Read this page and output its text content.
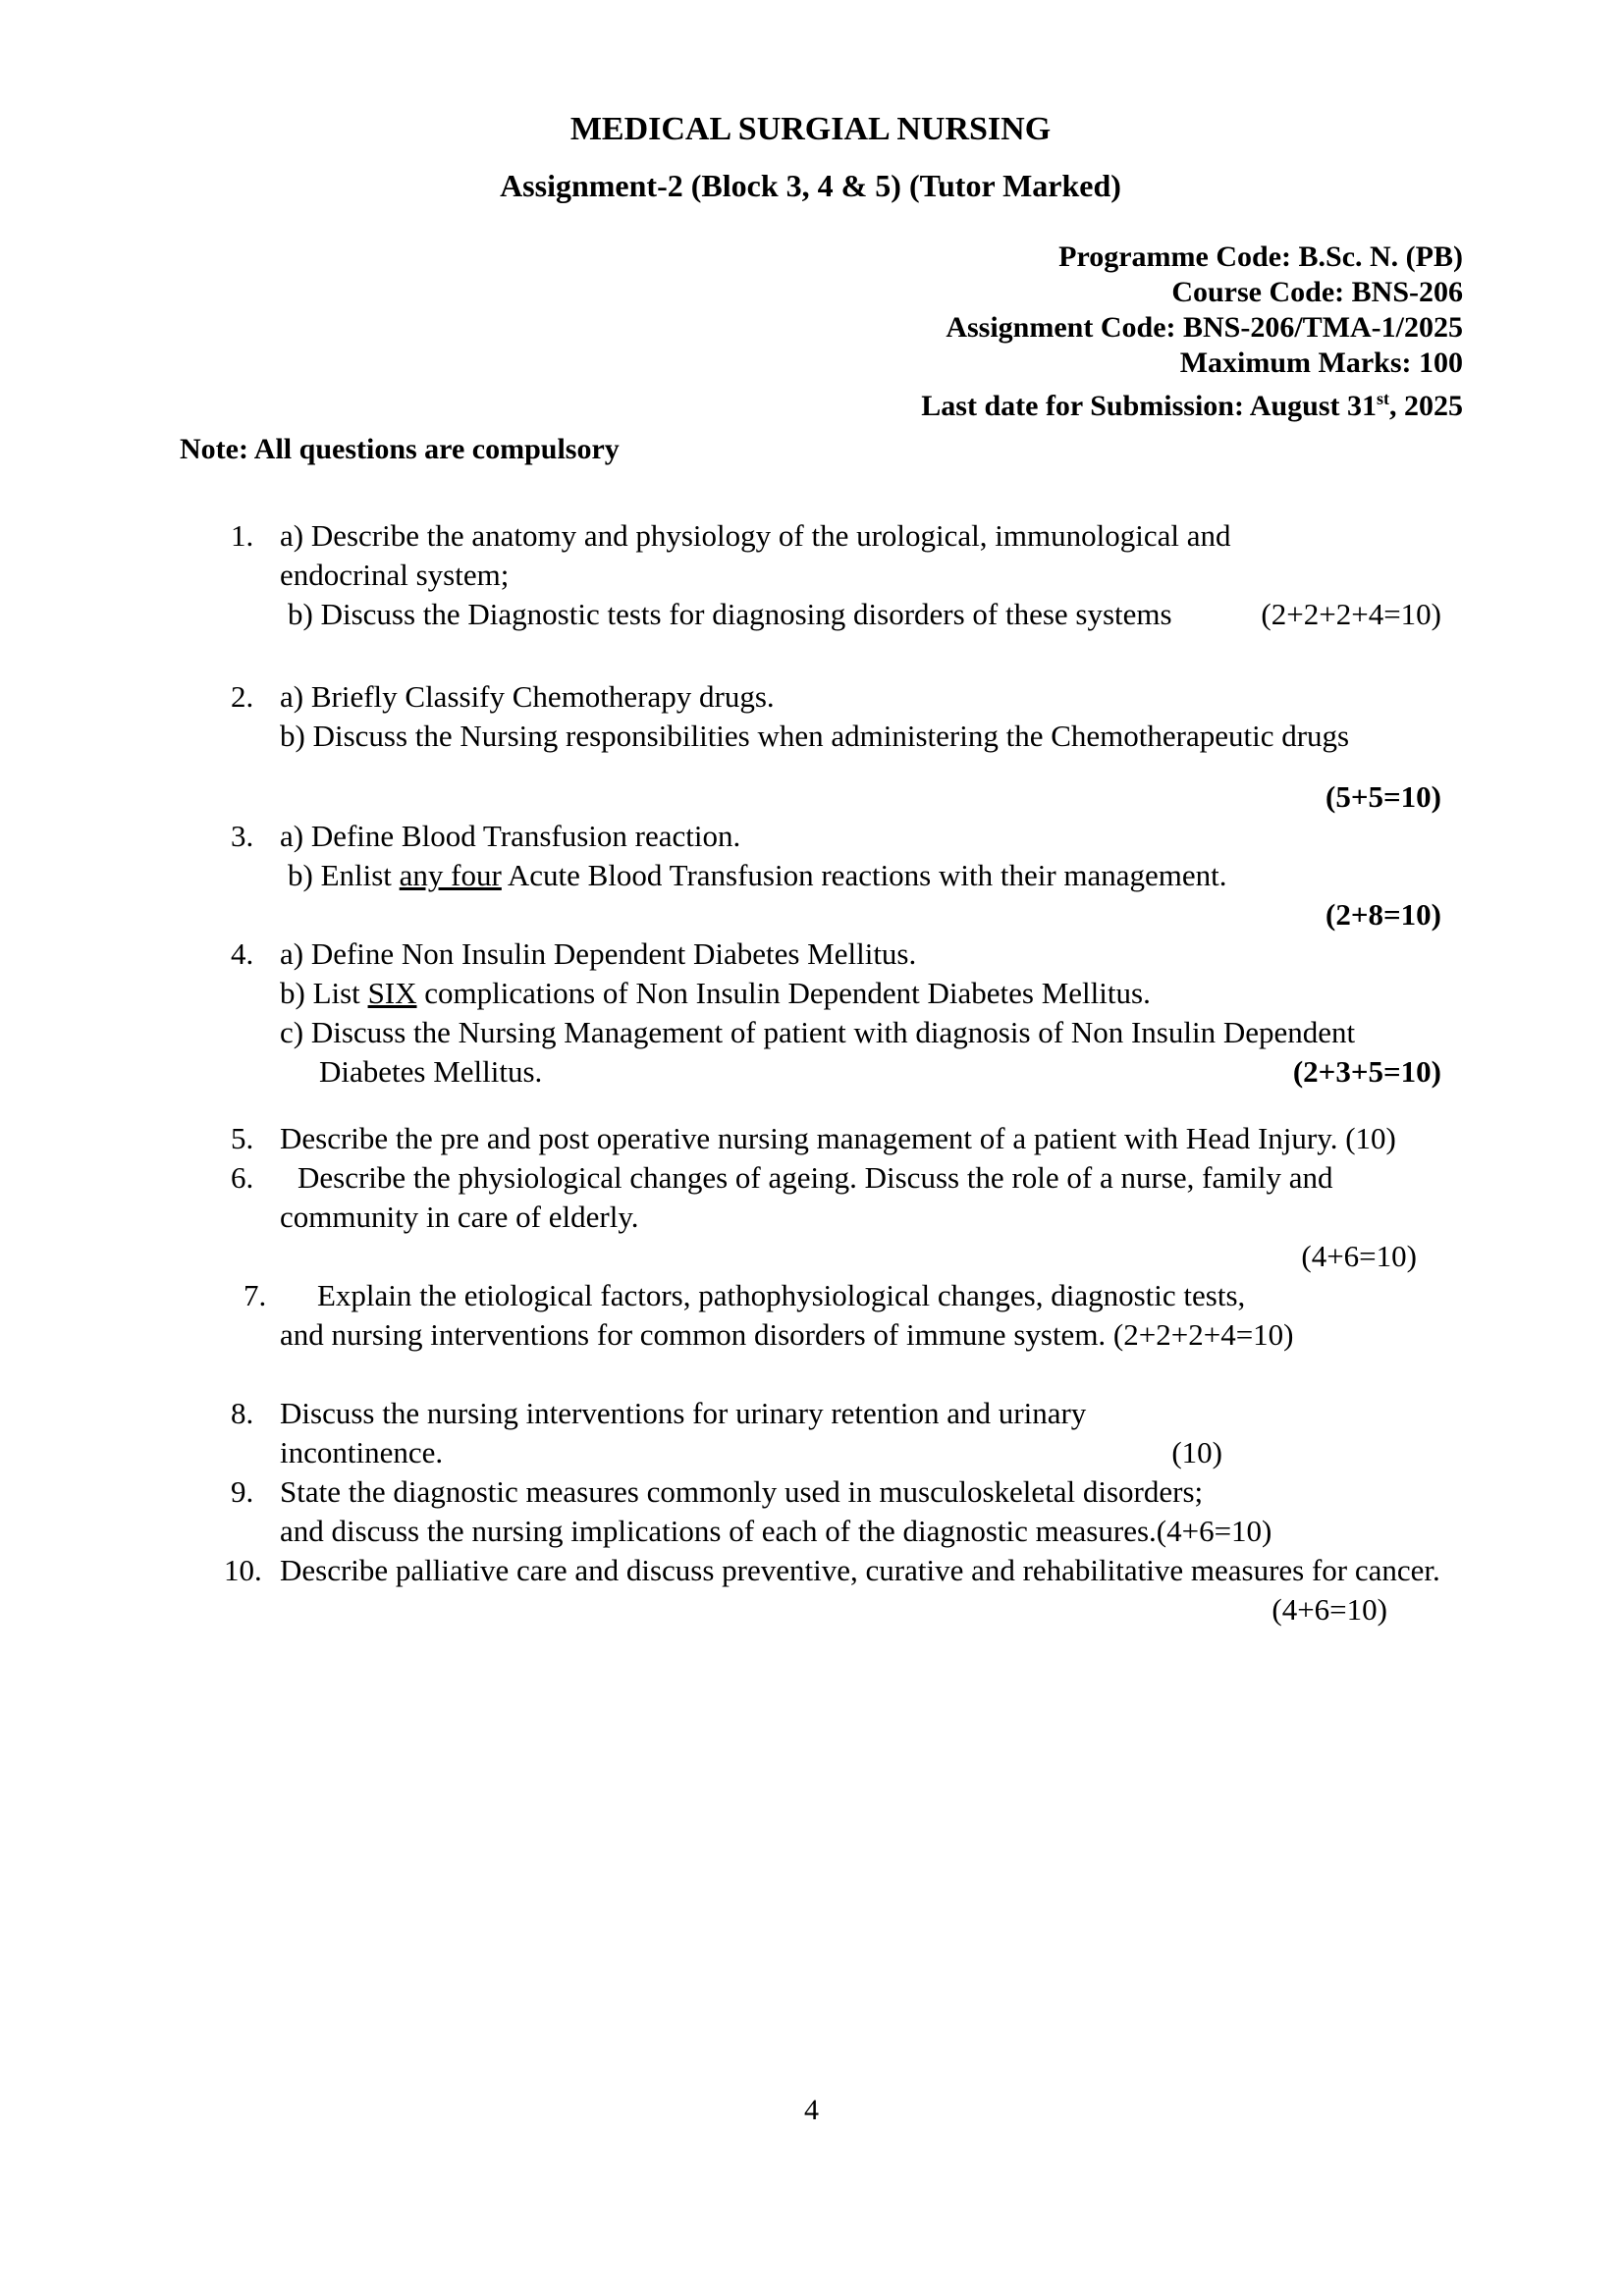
MEDICAL SURGIAL NURSING
Assignment-2 (Block 3, 4 & 5) (Tutor Marked)
Programme Code: B.Sc. N. (PB)
Course Code: BNS-206
Assignment Code: BNS-206/TMA-1/2025
Maximum Marks: 100
Last date for Submission: August 31st, 2025
Note: All questions are compulsory
1. a) Describe the anatomy and physiology of the urological, immunological and
endocrinal system;
b) Discuss the Diagnostic tests for diagnosing disorders of these systems	(2+2+2+4=10)
2. a) Briefly Classify Chemotherapy drugs.
b) Discuss the Nursing responsibilities when administering the Chemotherapeutic drugs
(5+5=10)
3. a) Define Blood Transfusion reaction.
b) Enlist any four Acute Blood Transfusion reactions with their management.
(2+8=10)
4. a) Define Non Insulin Dependent Diabetes Mellitus.
b) List SIX complications of Non Insulin Dependent Diabetes Mellitus.
c) Discuss the Nursing Management of patient with diagnosis of Non Insulin Dependent
Diabetes Mellitus.	(2+3+5=10)
5. Describe the pre and post operative nursing management of a patient with Head Injury. (10)
6.	Describe the physiological changes of ageing. Discuss the role of a nurse, family and
community in care of elderly.
(4+6=10)
7.	Explain the etiological factors, pathophysiological changes, diagnostic tests,
and nursing interventions for common disorders of immune system. (2+2+2+4=10)
8. Discuss the nursing interventions for urinary retention and urinary
incontinence.	(10)
9. State the diagnostic measures commonly used in musculoskeletal disorders;
and discuss the nursing implications of each of the diagnostic measures.(4+6=10)
10. Describe palliative care and discuss preventive, curative and rehabilitative measures for cancer.
(4+6=10)
4
